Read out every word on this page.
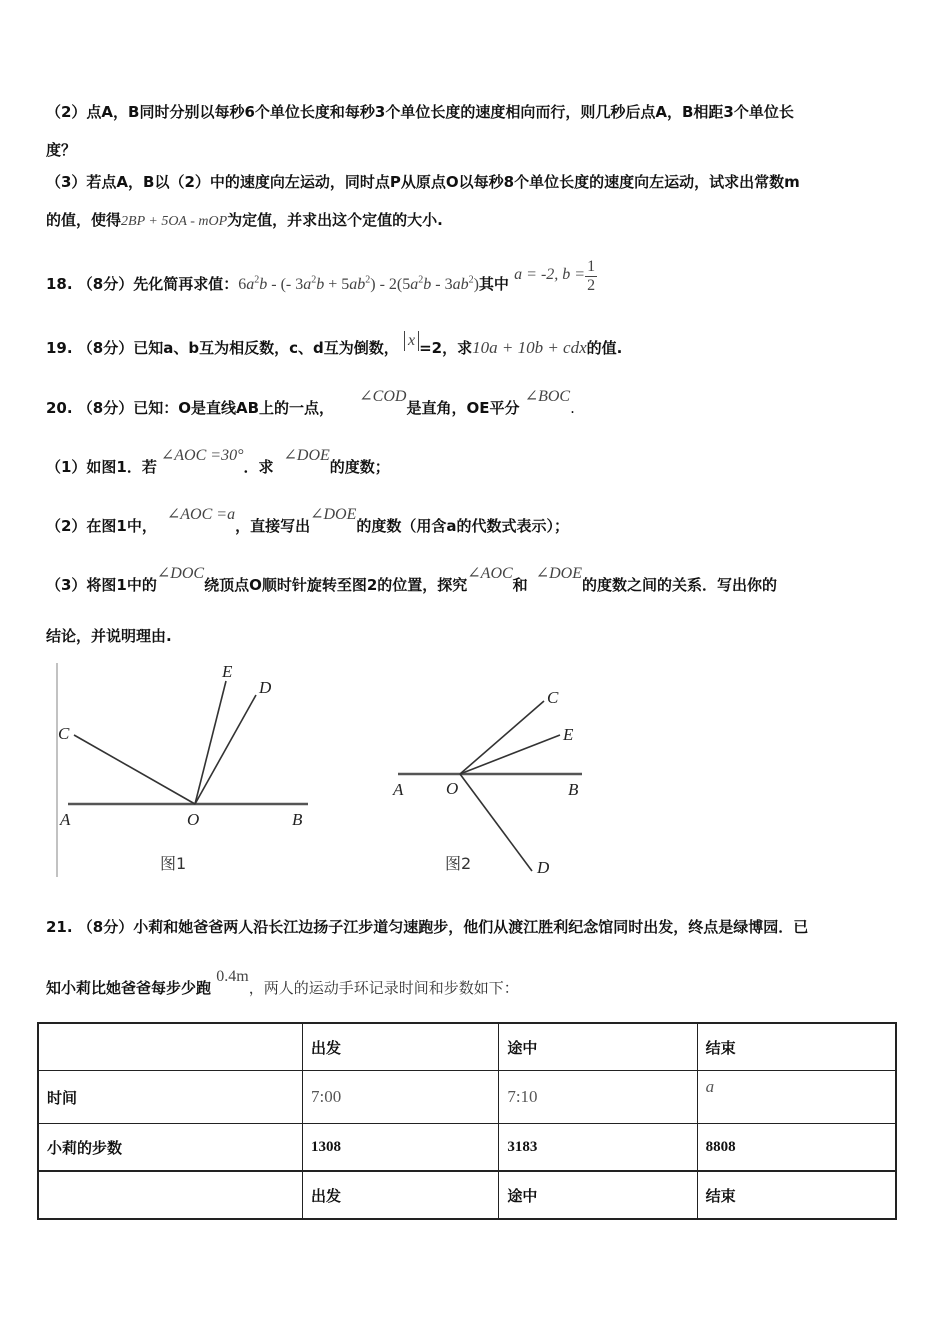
（2）点A，B同时分别以每秒6个单位长度和每秒3个单位长度的速度相向而行，则几秒后点A，B相距3个单位长
度？
（3）若点A，B以（2）中的速度向左运动，同时点P从原点O以每秒8个单位长度的速度向左运动，试求出常数m
的值，使得2BP + 5OA - mOP为定值，并求出这个定值的大小.
18. （8分）先化简再求值：$6a^2b$ - (- $3a^2b + 5ab^2) - 2(5a^2b - 3ab^2)$其中 a = -2, $b = \frac{1}{2}$
19. （8分）已知a、b互为相反数，c、d互为倒数， x =2，求10a + 10b + cdx的值.
20. （8分）已知：O是直线AB上的一点， ∠COD是直角，OE平分 ∠BOC.
（1）如图1．若∠AOC =30°．求∠DOE的度数；
（2）在图1中，∠AOC =a，直接写出∠DOE的度数（用含a的代数式表示）；
（3）将图1中的∠DOC绕顶点O顺时针旋转至图2的位置，探究∠AOC和∠DOE的度数之间的关系．写出你的
结论，并说明理由.
C
E
D
A	O	B
图1
C
E
A	O	B
D
图2
21. （8分）小莉和她爸爸两人沿长江边扬子江步道匀速跑步，他们从渡江胜利纪念馆同时出发，终点是绿博园．已
知小莉比她爸爸每步少跑 0.4m，两人的运动手环记录时间和步数如下：
	出发	途中	结束
时间	7:00	7:10	a
小莉的步数	1308	3183	8808
	出发	途中	结束
